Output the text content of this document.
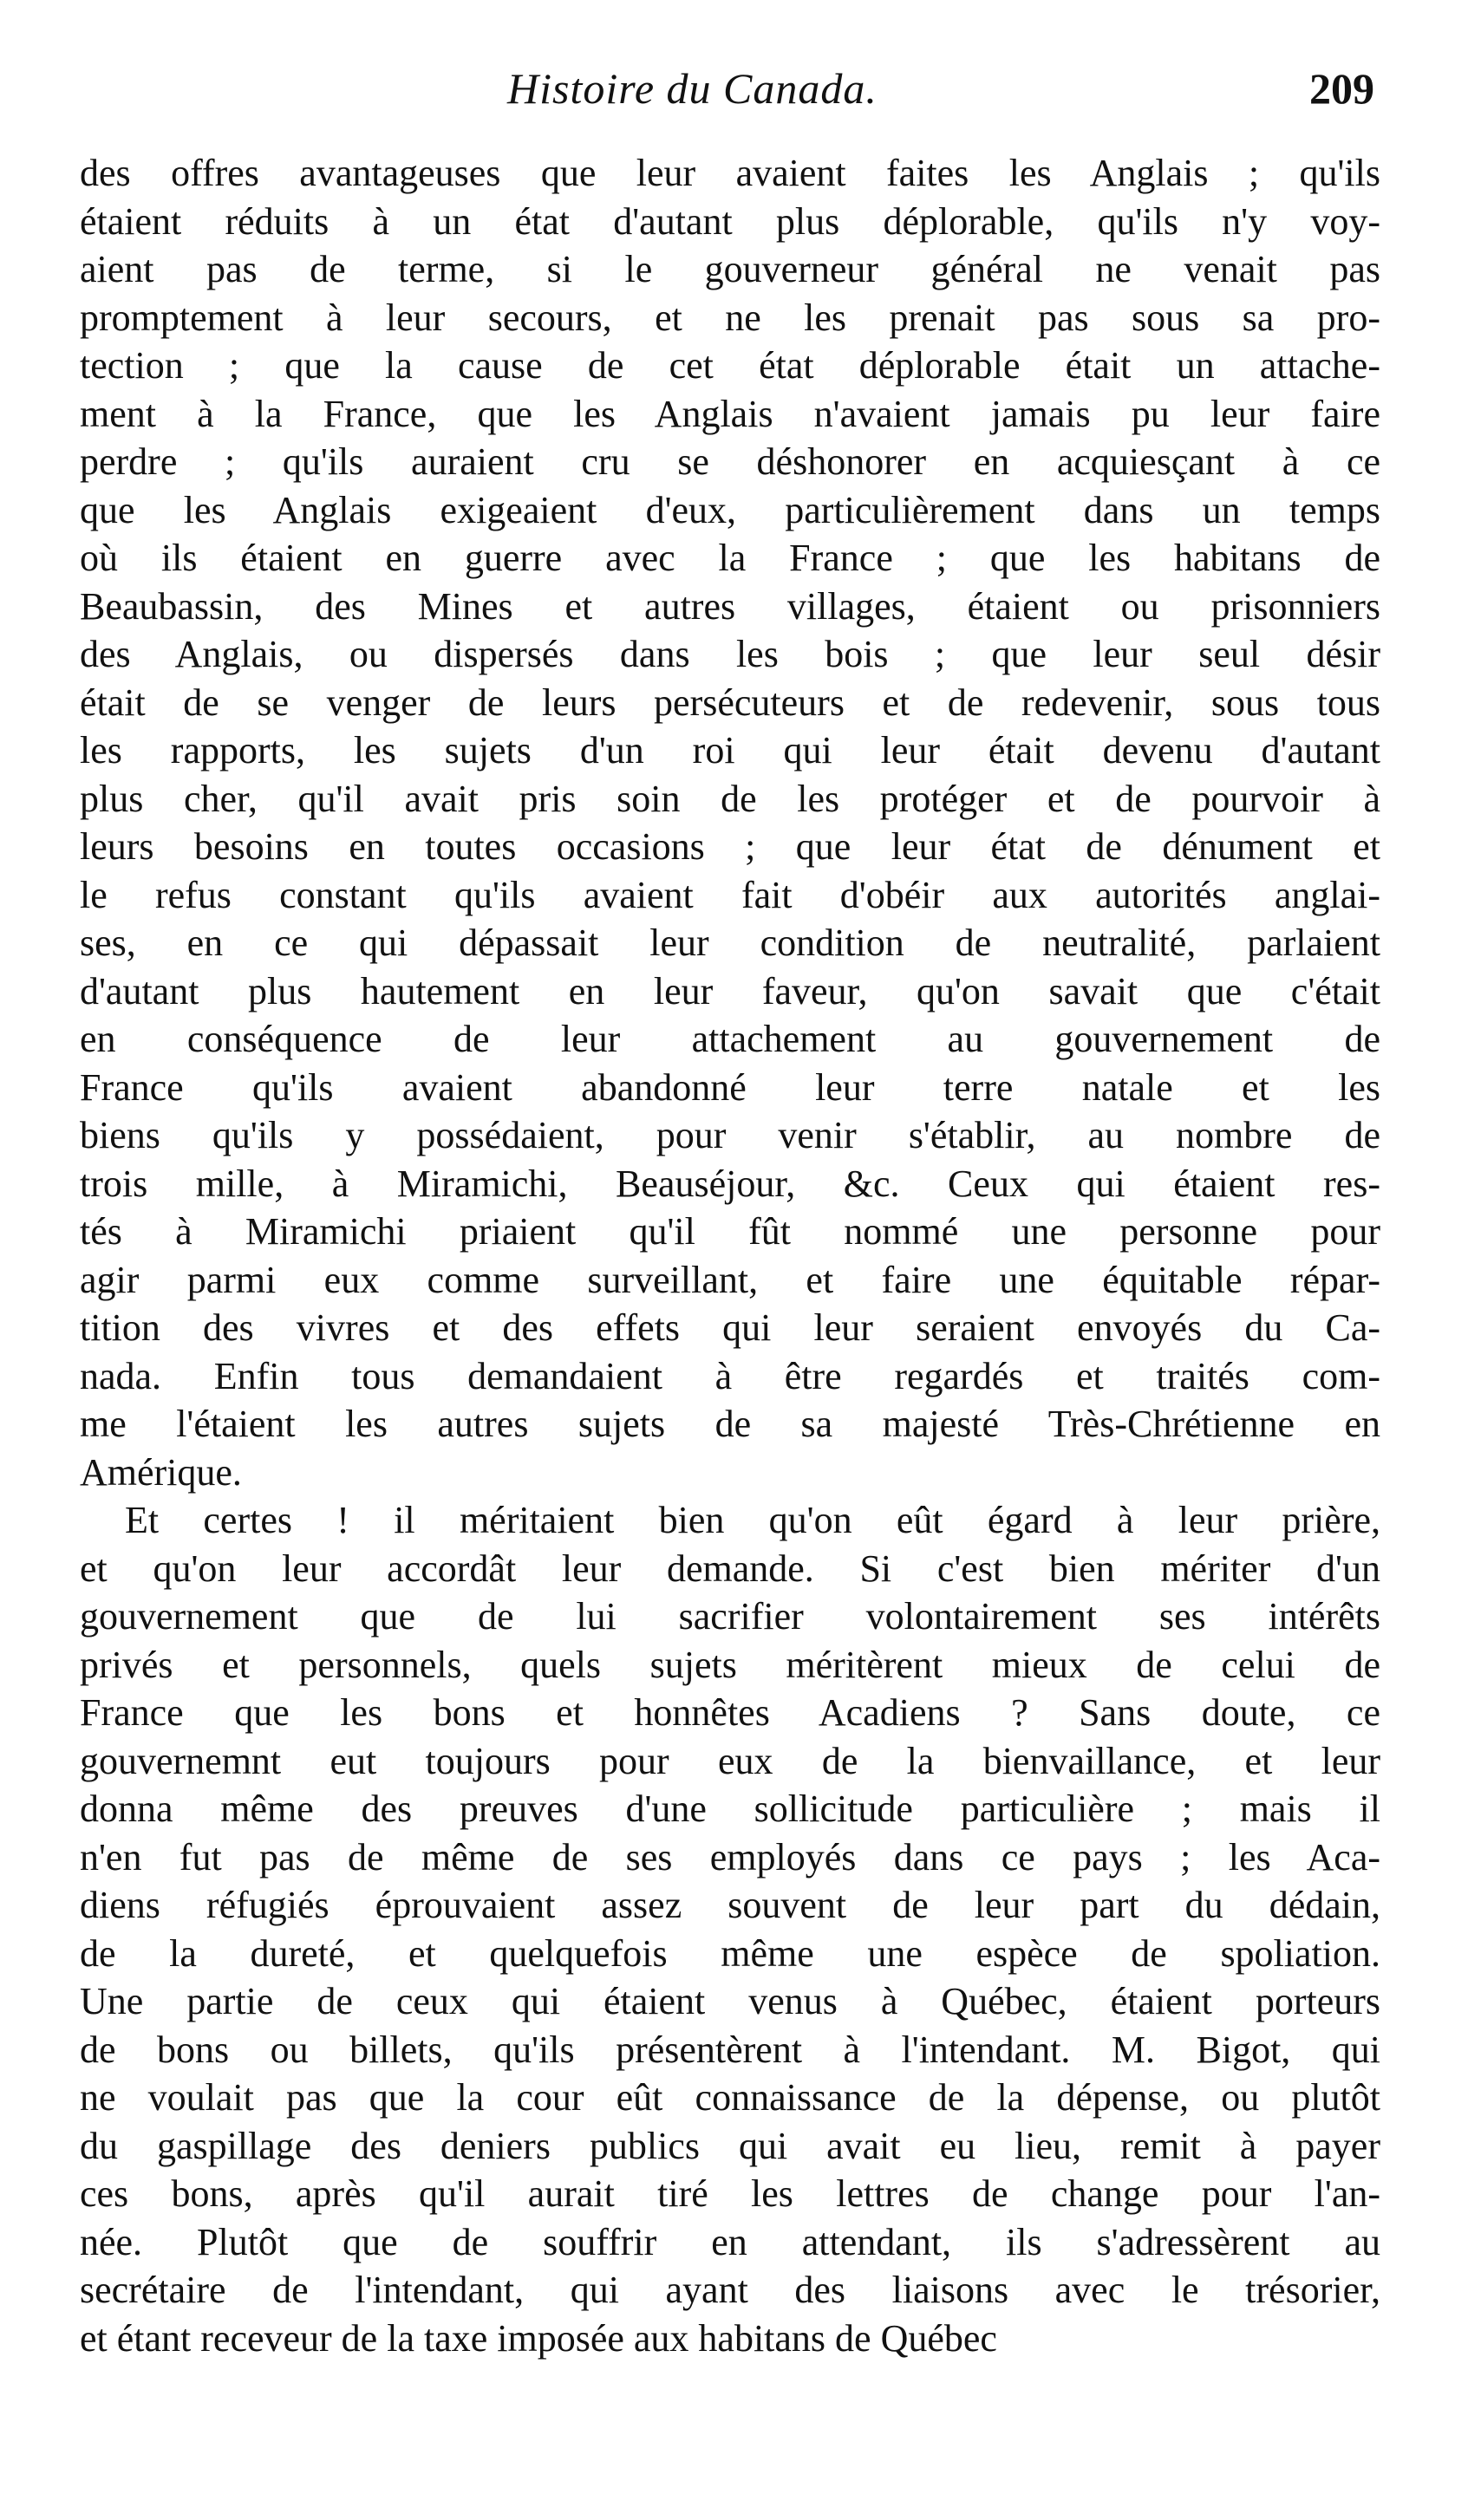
Histoire du Canada.	209
des offres avantageuses que leur avaient faites les Anglais ; qu'ils
étaient réduits à un état d'autant plus déplorable, qu'ils n'y voy-
aient pas de terme, si le gouverneur général ne venait pas
promptement à leur secours, et ne les prenait pas sous sa pro-
tection ; que la cause de cet état déplorable était un attache-
ment à la France, que les Anglais n'avaient jamais pu leur faire
perdre ; qu'ils auraient cru se déshonorer en acquiesçant à ce
que les Anglais exigeaient d'eux, particulièrement dans un temps
où ils étaient en guerre avec la France ; que les habitans de
Beaubassin, des Mines et autres villages, étaient ou prisonniers
des Anglais, ou dispersés dans les bois ; que leur seul désir
était de se venger de leurs persécuteurs et de redevenir, sous tous
les rapports, les sujets d'un roi qui leur était devenu d'autant
plus cher, qu'il avait pris soin de les protéger et de pourvoir à
leurs besoins en toutes occasions ; que leur état de dénument et
le refus constant qu'ils avaient fait d'obéir aux autorités anglai-
ses, en ce qui dépassait leur condition de neutralité, parlaient
d'autant plus hautement en leur faveur, qu'on savait que c'était
en conséquence de leur attachement au gouvernement de
France qu'ils avaient abandonné leur terre natale et les
biens qu'ils y possédaient, pour venir s'établir, au nombre de
trois mille, à Miramichi, Beauséjour, &c. Ceux qui étaient res-
tés à Miramichi priaient qu'il fût nommé une personne pour
agir parmi eux comme surveillant, et faire une équitable répar-
tition des vivres et des effets qui leur seraient envoyés du Ca-
nada. Enfin tous demandaient à être regardés et traités com-
me l'étaient les autres sujets de sa majesté Très-Chrétienne en
Amérique.
Et certes ! il méritaient bien qu'on eût égard à leur prière,
et qu'on leur accordât leur demande. Si c'est bien mériter d'un
gouvernement que de lui sacrifier volontairement ses intérêts
privés et personnels, quels sujets méritèrent mieux de celui de
France que les bons et honnêtes Acadiens ? Sans doute, ce
gouvernemnt eut toujours pour eux de la bienvaillance, et leur
donna même des preuves d'une sollicitude particulière ; mais il
n'en fut pas de même de ses employés dans ce pays ; les Aca-
diens réfugiés éprouvaient assez souvent de leur part du dédain,
de la dureté, et quelquefois même une espèce de spoliation.
Une partie de ceux qui étaient venus à Québec, étaient porteurs
de bons ou billets, qu'ils présentèrent à l'intendant. M. Bigot, qui
ne voulait pas que la cour eût connaissance de la dépense, ou plutôt
du gaspillage des deniers publics qui avait eu lieu, remit à payer
ces bons, après qu'il aurait tiré les lettres de change pour l'an-
née. Plutôt que de souffrir en attendant, ils s'adressèrent au
secrétaire de l'intendant, qui ayant des liaisons avec le trésorier,
et étant receveur de la taxe imposée aux habitans de Québec
